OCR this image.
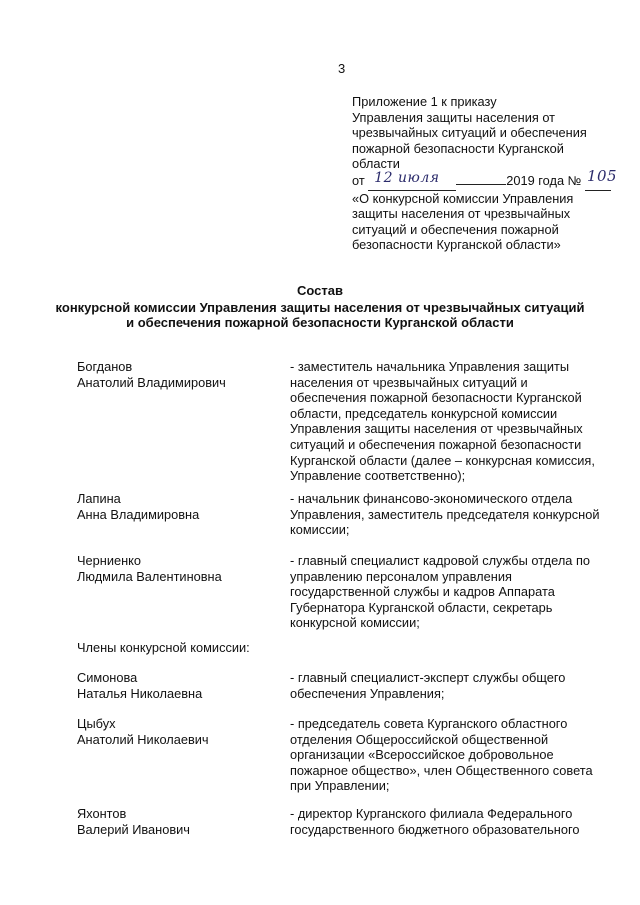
3
Приложение 1 к приказу
Управления защиты населения от
чрезвычайных ситуаций и обеспечения
пожарной безопасности Курганской
области
от 12 июля	2019 года № 105
«О конкурсной комиссии Управления
защиты населения от чрезвычайных
ситуаций и обеспечения пожарной
безопасности Курганской области»
Состав
конкурсной комиссии Управления защиты населения от чрезвычайных ситуаций
и обеспечения пожарной безопасности Курганской области
Богданов
Анатолий Владимирович
- заместитель начальника Управления защиты
населения от чрезвычайных ситуаций и
обеспечения пожарной безопасности Курганской
области, председатель конкурсной комиссии
Управления защиты населения от чрезвычайных
ситуаций и обеспечения пожарной безопасности
Курганской области (далее – конкурсная комиссия,
Управление соответственно);
Лапина
Анна Владимировна
- начальник финансово-экономического отдела
Управления, заместитель председателя конкурсной
комиссии;
Черниенко
Людмила Валентиновна
- главный специалист кадровой службы отдела по
управлению персоналом управления
государственной службы и кадров Аппарата
Губернатора Курганской области, секретарь
конкурсной комиссии;
Члены конкурсной комиссии:
Симонова
Наталья Николаевна
- главный специалист-эксперт службы общего
обеспечения Управления;
Цыбух
Анатолий Николаевич
- председатель совета Курганского областного
отделения Общероссийской общественной
организации «Всероссийское добровольное
пожарное общество», член Общественного совета
при Управлении;
Яхонтов
Валерий Иванович
- директор Курганского филиала Федерального
государственного бюджетного образовательного
